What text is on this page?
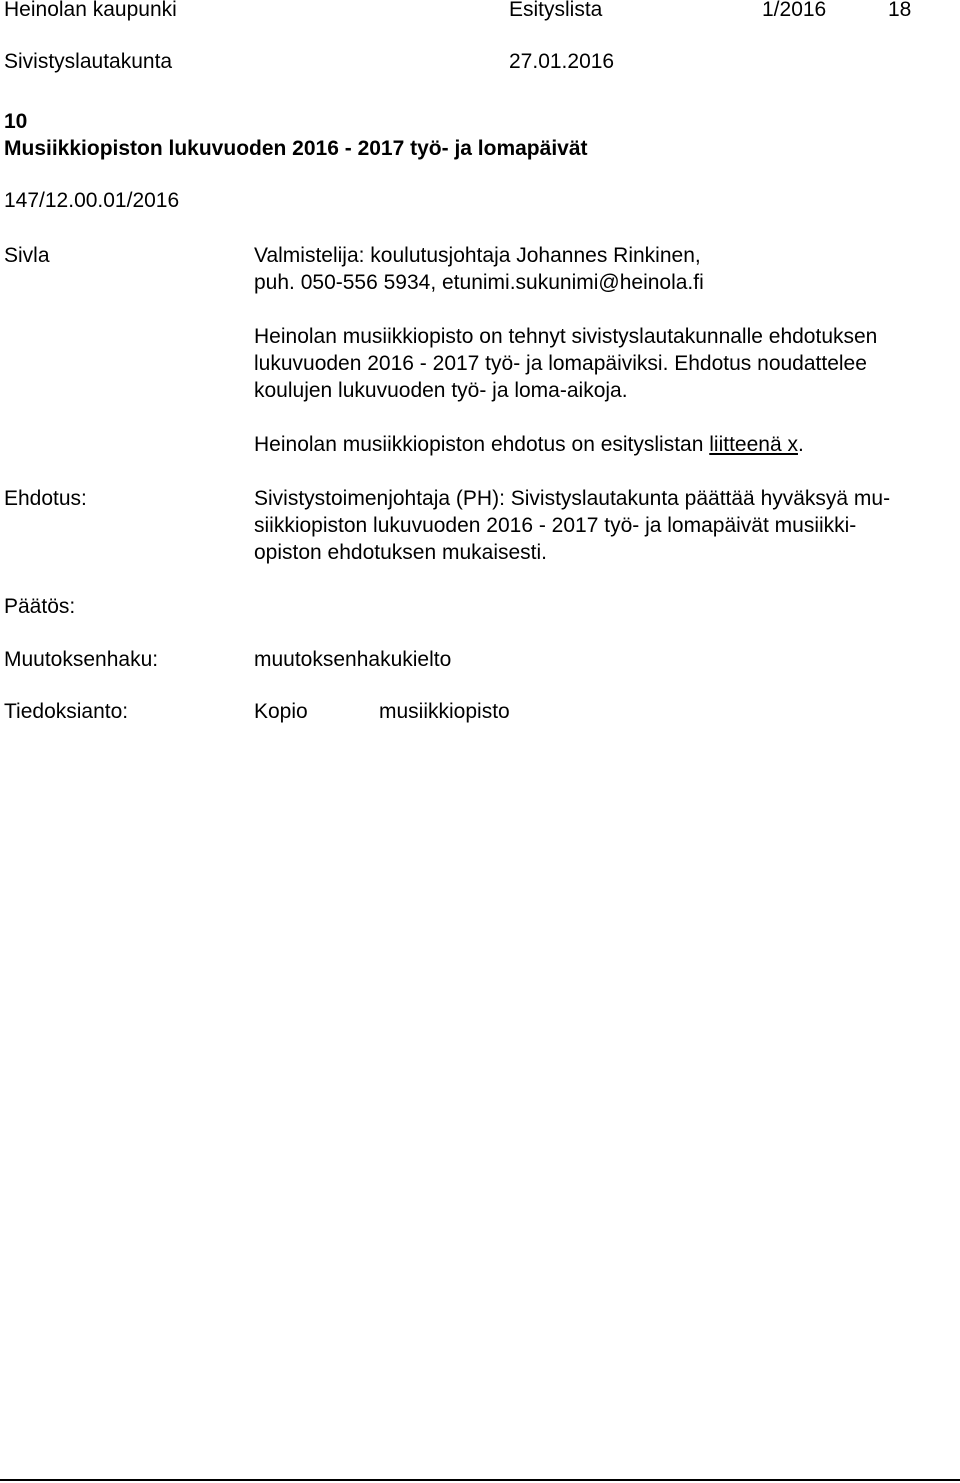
Heinolan kaupunki	Esityslista	1/2016	18
Sivistyslautakunta	27.01.2016
10
Musiikkiopiston lukuvuoden 2016 - 2017 työ- ja lomapäivät
147/12.00.01/2016
Sivla	Valmistelija: koulutusjohtaja Johannes Rinkinen,
puh. 050-556 5934, etunimi.sukunimi@heinola.fi
Heinolan musiikkiopisto on tehnyt sivistyslautakunnalle ehdotuksen
lukuvuoden 2016 - 2017 työ- ja lomapäiviksi. Ehdotus noudattelee
koulujen lukuvuoden työ- ja loma-aikoja.
Heinolan musiikkiopiston ehdotus on esityslistan liitteenä x.
Ehdotus:	Sivistystoimenjohtaja (PH): Sivistyslautakunta päättää hyväksyä mu-
siikkiopiston lukuvuoden 2016 - 2017 työ- ja lomapäivät musiikki-
opiston ehdotuksen mukaisesti.
Päätös:
Muutoksenhaku:	muutoksenhakukielto
Tiedoksianto:	Kopio	musiikkiopisto
